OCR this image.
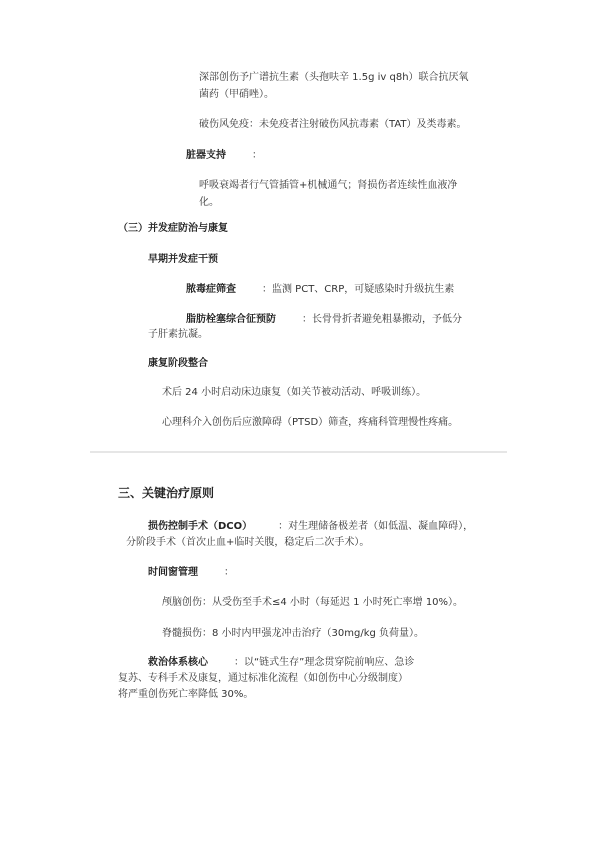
深部创伤予广谱抗生素（头孢呋辛 1.5g iv q8h）联合抗厌氧
菌药（甲硝唑）。
破伤风免疫：未免疫者注射破伤风抗毒素（TAT）及类毒素。
脏器支持	：
呼吸衰竭者行气管插管+机械通气；肾损伤者连续性血液净
化。
（三）并发症防治与康复
早期并发症干预
脓毒症筛查	：监测 PCT、CRP，可疑感染时升级抗生素
脂肪栓塞综合征预防	：长骨骨折者避免粗暴搬动，予低分
子肝素抗凝。
康复阶段整合
术后 24 小时启动床边康复（如关节被动活动、呼吸训练）。
心理科介入创伤后应激障碍（PTSD）筛查，疼痛科管理慢性疼痛。
三、关键治疗原则
损伤控制手术（DCO）	：对生理储备极差者（如低温、凝血障碍），
分阶段手术（首次止血+临时关腹，稳定后二次手术）。
时间窗管理	：
颅脑创伤：从受伤至手术≤4 小时（每延迟 1 小时死亡率增 10%）。
脊髓损伤：8 小时内甲强龙冲击治疗（30mg/kg 负荷量）。
救治体系核心	：以“链式生存”理念贯穿院前响应、急诊
复苏、专科手术及康复，通过标准化流程（如创伤中心分级制度）
将严重创伤死亡率降低 30%。
